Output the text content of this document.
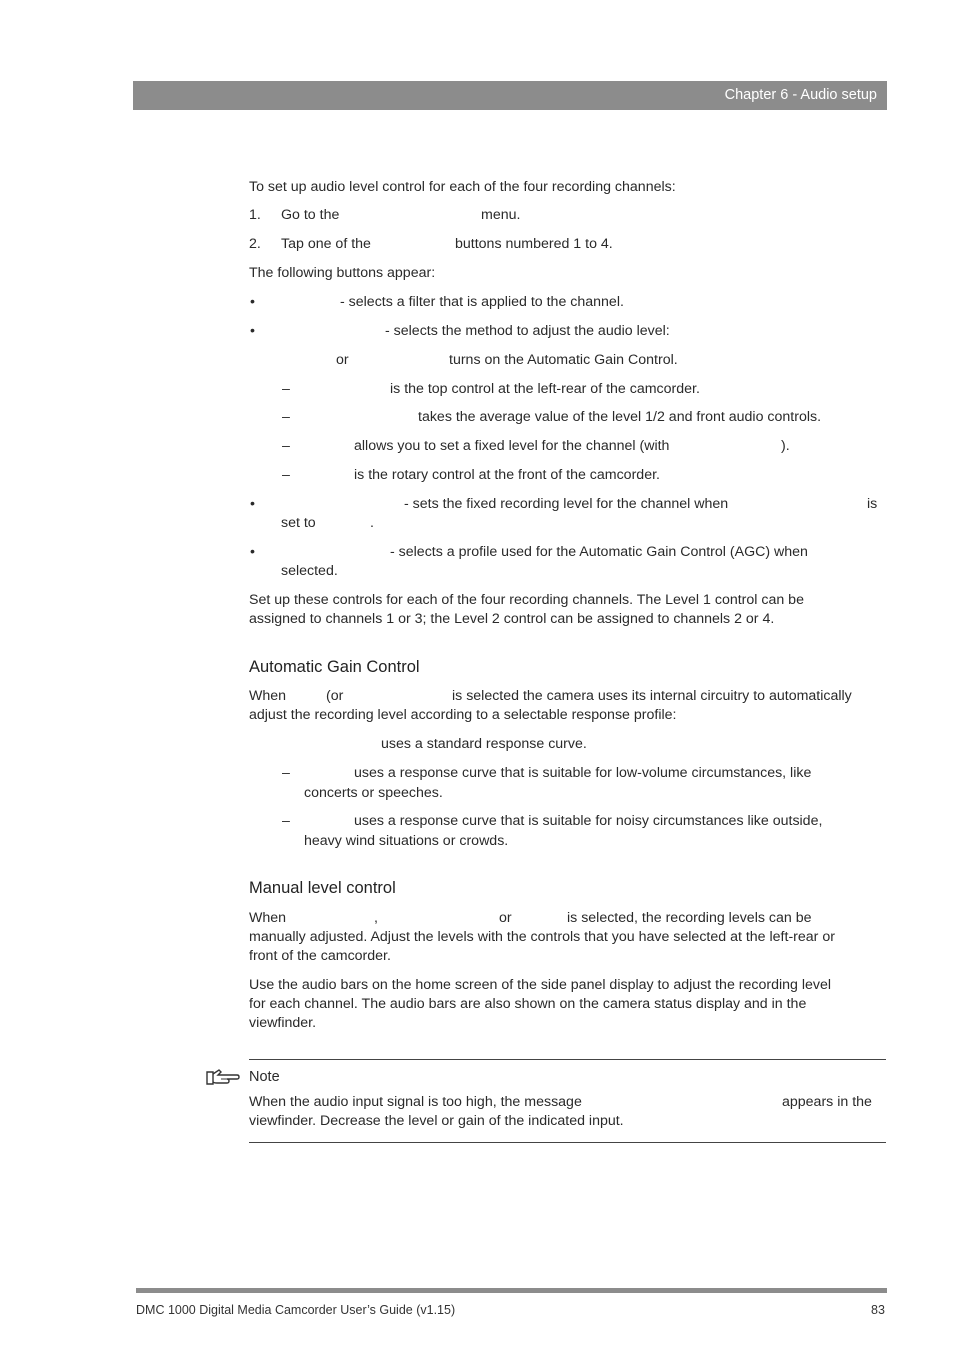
Chapter 6 - Audio setup
To set up audio level control for each of the four recording channels:
1. Go to the	menu.
2. Tap one of the	buttons numbered 1 to 4.
The following buttons appear:
•	- selects a filter that is applied to the channel.
•	- selects the method to adjust the audio level:
or	turns on the Automatic Gain Control.
–	is the top control at the left-rear of the camcorder.
–	takes the average value of the level 1/2 and front audio controls.
–	allows you to set a fixed level for the channel (with	).
–	is the rotary control at the front of the camcorder.
•	- sets the fixed recording level for the channel when	is
set to	.
•	- selects a profile used for the Automatic Gain Control (AGC) when
selected.
Set up these controls for each of the four recording channels. The Level 1 control can be
assigned to channels 1 or 3; the Level 2 control can be assigned to channels 2 or 4.
Automatic Gain Control
When	(or	is selected the camera uses its internal circuitry to automatically
adjust the recording level according to a selectable response profile:
uses a standard response curve.
–	uses a response curve that is suitable for low-volume circumstances, like
concerts or speeches.
–	uses a response curve that is suitable for noisy circumstances like outside,
heavy wind situations or crowds.
Manual level control
When	,	or	is selected, the recording levels can be
manually adjusted. Adjust the levels with the controls that you have selected at the left-rear or
front of the camcorder.
Use the audio bars on the home screen of the side panel display to adjust the recording level
for each channel. The audio bars are also shown on the camera status display and in the
viewfinder.
Note
When the audio input signal is too high, the message	appears in the
viewfinder. Decrease the level or gain of the indicated input.
DMC 1000 Digital Media Camcorder User’s Guide (v1.15)	83
